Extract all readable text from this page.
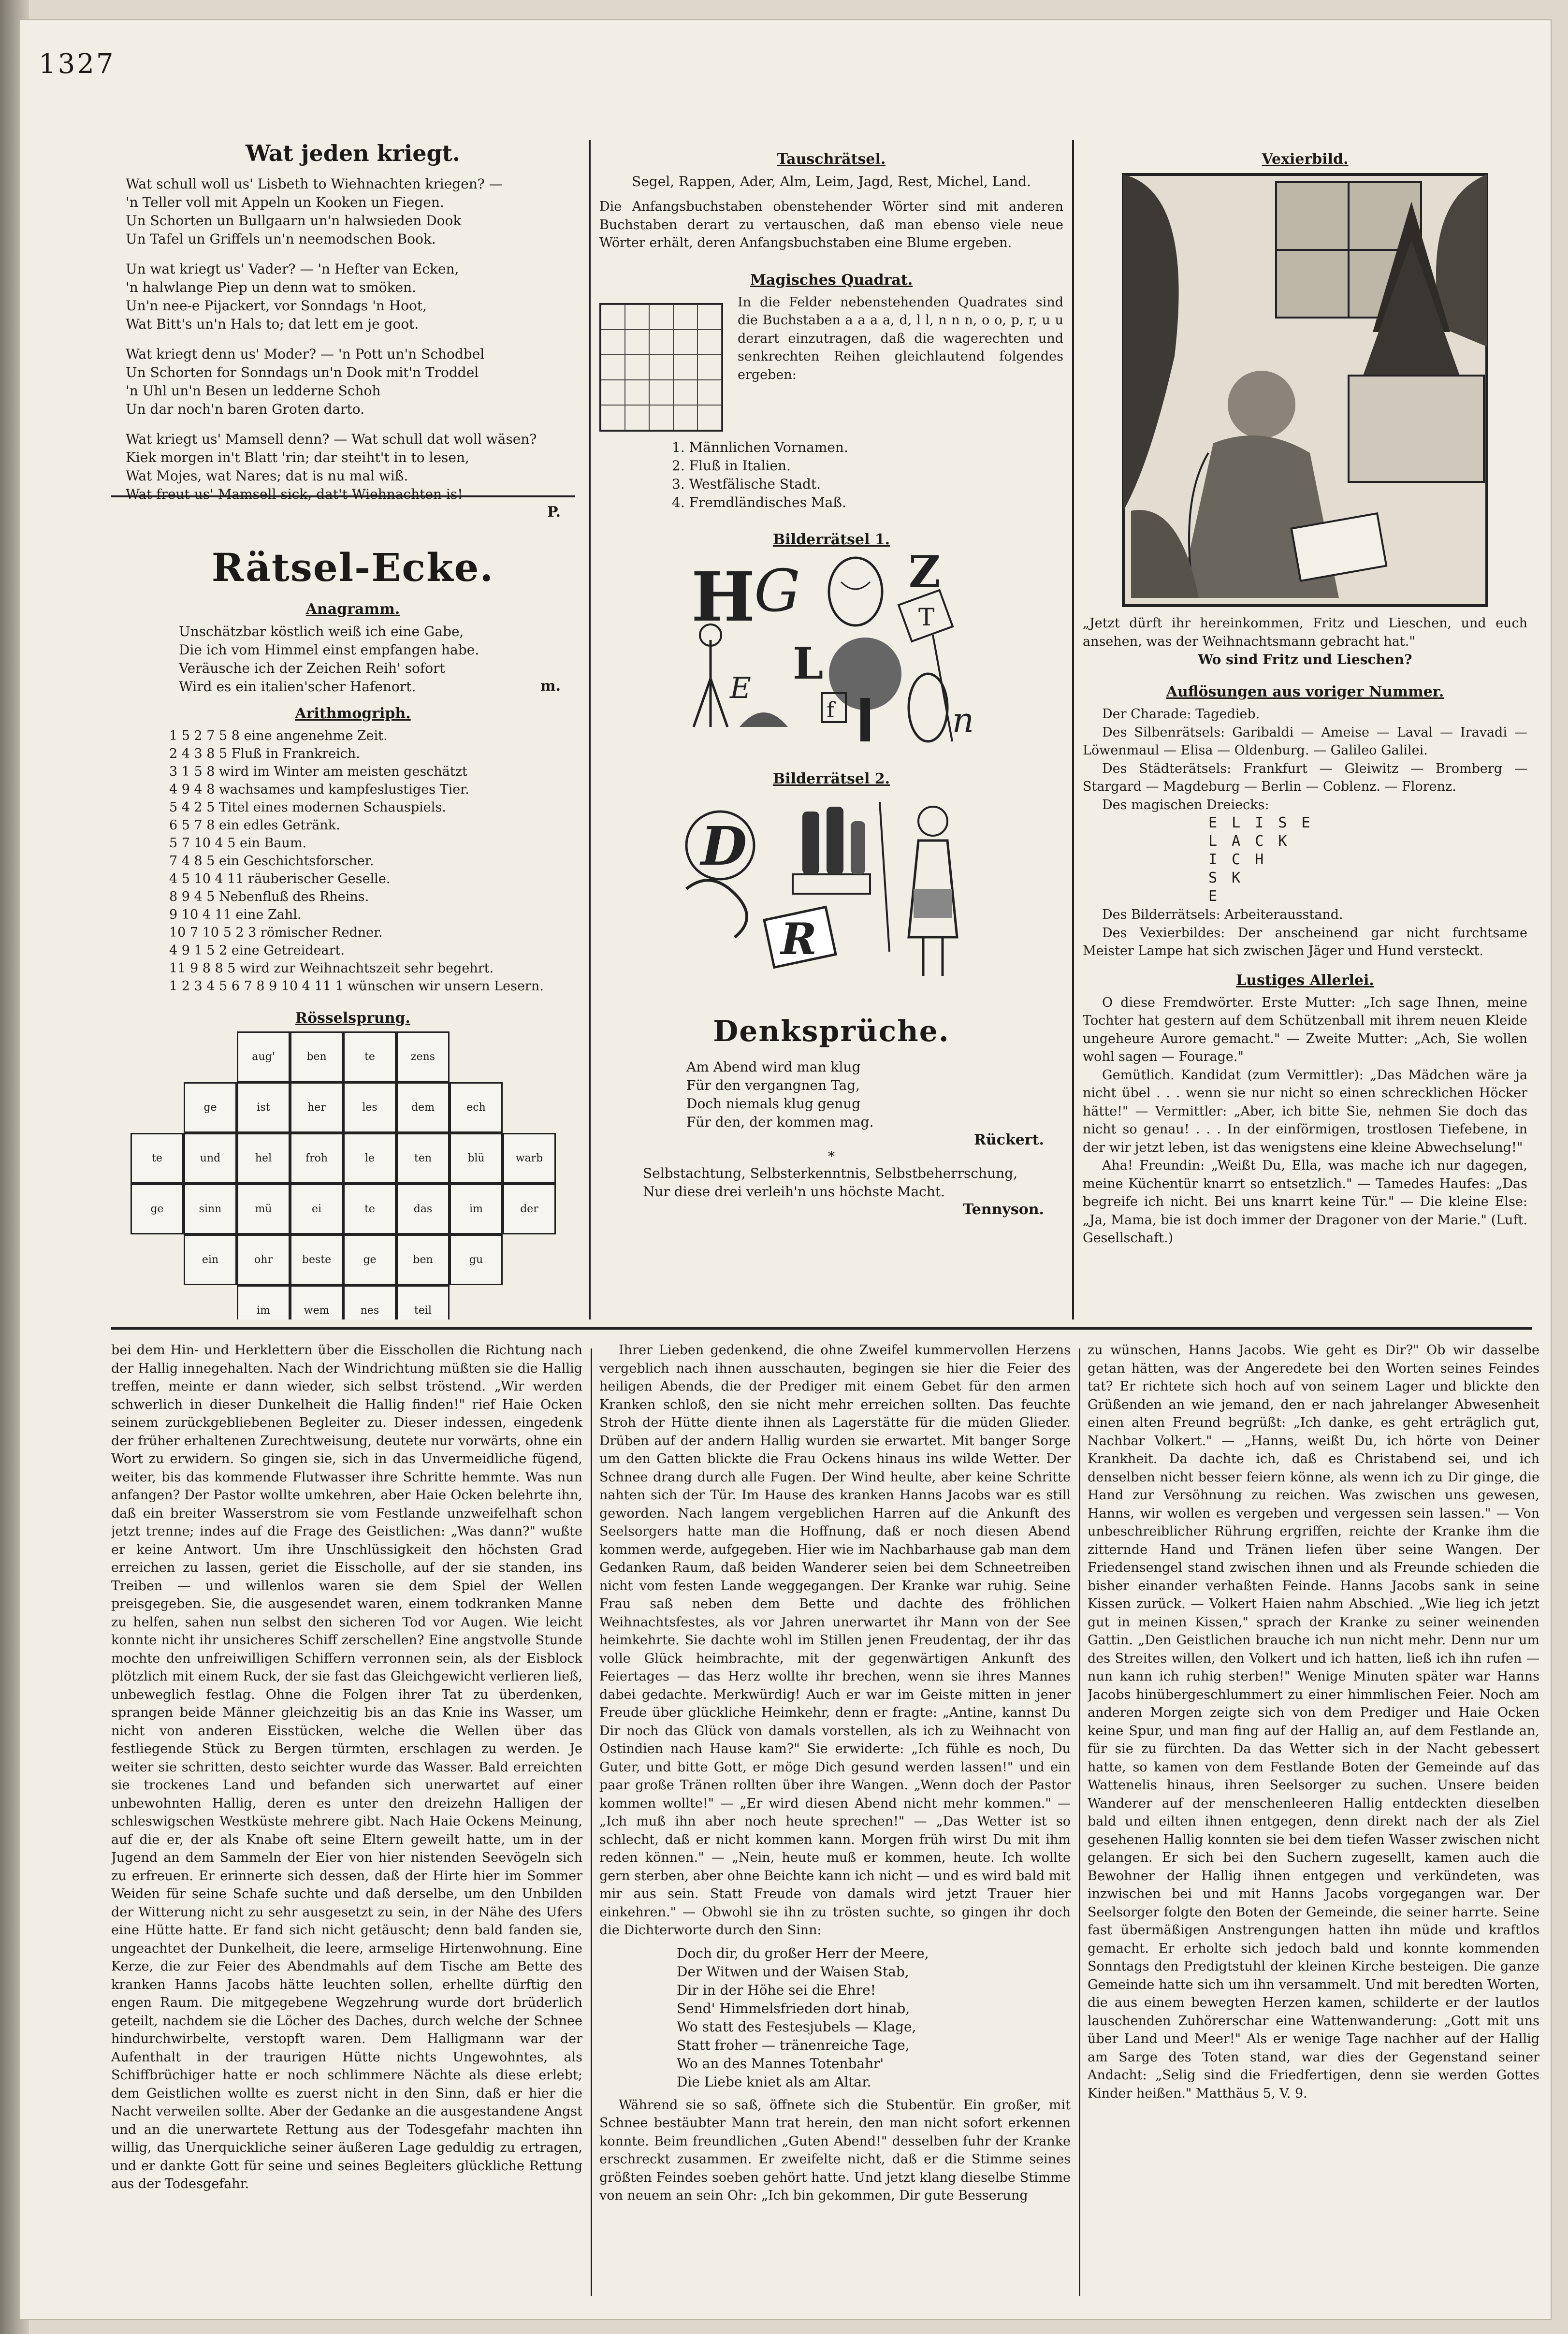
1327
Wat jeden kriegt.
Wat schull woll us' Lisbeth to Wiehnachten kriegen? —
'n Teller voll mit Appeln un Kooken un Fiegen.
Un Schorten un Bullgaarn un'n halwsieden Dook
Un Tafel un Griffels un'n neemodschen Book.
Un wat kriegt us' Vader? — 'n Hefter van Ecken,
'n halwlange Piep un denn wat to smöken.
Un'n nee-e Pijackert, vor Sonndags 'n Hoot,
Wat Bitt's un'n Hals to; dat lett em je goot.
Wat kriegt denn us' Moder? — 'n Pott un'n Schodbel
Un Schorten for Sonndags un'n Dook mit'n Troddel
'n Uhl un'n Besen un ledderne Schoh
Un dar noch'n baren Groten darto.
Wat kriegt us' Mamsell denn? — Wat schull dat woll wäsen?
Kiek morgen in't Blatt 'rin; dar steiht't in to lesen,
Wat Mojes, wat Nares; dat is nu mal wiß.
Wat freut us' Mamsell sick, dat't Wiehnachten is!
P.
Rätsel-Ecke.
Anagramm.
Unschätzbar köstlich weiß ich eine Gabe,
Die ich vom Himmel einst empfangen habe.
Veräusche ich der Zeichen Reih' sofort
Wird es ein italien'scher Hafenort.	m.
Arithmogriph.
1 5 2 7 5 8 eine angenehme Zeit.
2 4 3 8 5 Fluß in Frankreich.
3 1 5 8 wird im Winter am meisten geschätzt
4 9 4 8 wachsames und kampfeslustiges Tier.
5 4 2 5 Titel eines modernen Schauspiels.
6 5 7 8 ein edles Getränk.
5 7 10 4 5 ein Baum.
7 4 8 5 ein Geschichtsforscher.
4 5 10 4 11 räuberischer Geselle.
8 9 4 5 Nebenfluß des Rheins.
9 10 4 11 eine Zahl.
10 7 10 5 2 3 römischer Redner.
4 9 1 5 2 eine Getreideart.
11 9 8 8 5 wird zur Weihnachtszeit sehr begehrt.
1 2 3 4 5 6 7 8 9 10 4 11 1 wünschen wir unsern Lesern.
Rösselsprung.
aug'	ben	te	zens
ge	ist	her	les	dem	ech
te	und	hel	froh	le	ten	blü	warb
ge	sinn	mü	ei	te	das	im	der
ein	ohr	beste	ge	ben	gu
im	wem	nes	teil
Tauschrätsel.
Segel, Rappen, Ader, Alm, Leim, Jagd, Rest, Michel, Land.
Die Anfangsbuchstaben obenstehender Wörter sind mit anderen Buchstaben derart zu vertauschen, daß man ebenso viele neue Wörter erhält, deren Anfangsbuchstaben eine Blume ergeben.
Magisches Quadrat.
In die Felder nebenstehenden Quadrates sind die Buchstaben a a a a, d, l l, n n n, o o, p, r, u u derart einzutragen, daß die wagerechten und senkrechten Reihen gleichlautend folgendes ergeben:
1. Männlichen Vornamen.
2. Fluß in Italien.
3. Westfälische Stadt.
4. Fremdländisches Maß.
Bilderrätsel 1.
H
G Z
T
E L
f	n
Bilderrätsel 2.
D
R
Denksprüche.
Am Abend wird man klug
Für den vergangnen Tag,
Doch niemals klug genug
Für den, der kommen mag.
Rückert.
*
Selbstachtung, Selbsterkenntnis, Selbstbeherrschung,
Nur diese drei verleih'n uns höchste Macht.
Tennyson.
Vexierbild.
„Jetzt dürft ihr hereinkommen, Fritz und Lieschen, und euch ansehen, was der Weihnachtsmann gebracht hat."
Wo sind Fritz und Lieschen?
Auflösungen aus voriger Nummer.
Der Charade: Tagedieb.
Des Silbenrätsels: Garibaldi — Ameise — Laval — Iravadi — Löwenmaul — Elisa — Oldenburg. — Galileo Galilei.
Des Städterätsels: Frankfurt — Gleiwitz — Bromberg — Stargard — Magdeburg — Berlin — Coblenz. — Florenz.
Des magischen Dreiecks:
E L I S E
L A C K
I C H
S K
E
Des Bilderrätsels: Arbeiterausstand.
Des Vexierbildes: Der anscheinend gar nicht furchtsame Meister Lampe hat sich zwischen Jäger und Hund versteckt.
Lustiges Allerlei.
O diese Fremdwörter. Erste Mutter: „Ich sage Ihnen, meine Tochter hat gestern auf dem Schützenball mit ihrem neuen Kleide ungeheure Aurore gemacht." — Zweite Mutter: „Ach, Sie wollen wohl sagen — Fourage."
Gemütlich. Kandidat (zum Vermittler): „Das Mädchen wäre ja nicht übel . . . wenn sie nur nicht so einen schrecklichen Höcker hätte!" — Vermittler: „Aber, ich bitte Sie, nehmen Sie doch das nicht so genau! . . . In der einförmigen, trostlosen Tiefebene, in der wir jetzt leben, ist das wenigstens eine kleine Abwechselung!"
Aha! Freundin: „Weißt Du, Ella, was mache ich nur dagegen, meine Küchentür knarrt so entsetzlich." — Tamedes Haufes: „Das begreife ich nicht. Bei uns knarrt keine Tür." — Die kleine Else: „Ja, Mama, bie ist doch immer der Dragoner von der Marie." (Luft. Gesellschaft.)
bei dem Hin- und Herklettern über die Eisschollen die Richtung nach der Hallig innegehalten. Nach der Windrichtung müßten sie die Hallig treffen, meinte er dann wieder, sich selbst tröstend. „Wir werden schwerlich in dieser Dunkelheit die Hallig finden!" rief Haie Ocken seinem zurückgebliebenen Begleiter zu. Dieser indessen, eingedenk der früher erhaltenen Zurechtweisung, deutete nur vorwärts, ohne ein Wort zu erwidern. So gingen sie, sich in das Unvermeidliche fügend, weiter, bis das kommende Flutwasser ihre Schritte hemmte. Was nun anfangen? Der Pastor wollte umkehren, aber Haie Ocken belehrte ihn, daß ein breiter Wasserstrom sie vom Festlande unzweifelhaft schon jetzt trenne; indes auf die Frage des Geistlichen: „Was dann?" wußte er keine Antwort. Um ihre Unschlüssigkeit den höchsten Grad erreichen zu lassen, geriet die Eisscholle, auf der sie standen, ins Treiben — und willenlos waren sie dem Spiel der Wellen preisgegeben. Sie, die ausgesendet waren, einem todkranken Manne zu helfen, sahen nun selbst den sicheren Tod vor Augen. Wie leicht konnte nicht ihr unsicheres Schiff zerschellen? Eine angstvolle Stunde mochte den unfreiwilligen Schiffern verronnen sein, als der Eisblock plötzlich mit einem Ruck, der sie fast das Gleichgewicht verlieren ließ, unbeweglich festlag. Ohne die Folgen ihrer Tat zu überdenken, sprangen beide Männer gleichzeitig bis an das Knie ins Wasser, um nicht von anderen Eisstücken, welche die Wellen über das festliegende Stück zu Bergen türmten, erschlagen zu werden. Je weiter sie schritten, desto seichter wurde das Wasser. Bald erreichten sie trockenes Land und befanden sich unerwartet auf einer unbewohnten Hallig, deren es unter den dreizehn Halligen der schleswigschen Westküste mehrere gibt. Nach Haie Ockens Meinung, auf die er, der als Knabe oft seine Eltern geweilt hatte, um in der Jugend an dem Sammeln der Eier von hier nistenden Seevögeln sich zu erfreuen. Er erinnerte sich dessen, daß der Hirte hier im Sommer Weiden für seine Schafe suchte und daß derselbe, um den Unbilden der Witterung nicht zu sehr ausgesetzt zu sein, in der Nähe des Ufers eine Hütte hatte. Er fand sich nicht getäuscht; denn bald fanden sie, ungeachtet der Dunkelheit, die leere, armselige Hirtenwohnung. Eine Kerze, die zur Feier des Abendmahls auf dem Tische am Bette des kranken Hanns Jacobs hätte leuchten sollen, erhellte dürftig den engen Raum. Die mitgegebene Wegzehrung wurde dort brüderlich geteilt, nachdem sie die Löcher des Daches, durch welche der Schnee hindurchwirbelte, verstopft waren. Dem Halligmann war der Aufenthalt in der traurigen Hütte nichts Ungewohntes, als Schiffbrüchiger hatte er noch schlimmere Nächte als diese erlebt; dem Geistlichen wollte es zuerst nicht in den Sinn, daß er hier die Nacht verweilen sollte. Aber der Gedanke an die ausgestandene Angst und an die unerwartete Rettung aus der Todesgefahr machten ihn willig, das Unerquickliche seiner äußeren Lage geduldig zu ertragen, und er dankte Gott für seine und seines Begleiters glückliche Rettung aus der Todesgefahr.
Ihrer Lieben gedenkend, die ohne Zweifel kummervollen Herzens vergeblich nach ihnen ausschauten, begingen sie hier die Feier des heiligen Abends, die der Prediger mit einem Gebet für den armen Kranken schloß, den sie nicht mehr erreichen sollten. Das feuchte Stroh der Hütte diente ihnen als Lagerstätte für die müden Glieder. Drüben auf der andern Hallig wurden sie erwartet. Mit banger Sorge um den Gatten blickte die Frau Ockens hinaus ins wilde Wetter. Der Schnee drang durch alle Fugen. Der Wind heulte, aber keine Schritte nahten sich der Tür. Im Hause des kranken Hanns Jacobs war es still geworden. Nach langem vergeblichen Harren auf die Ankunft des Seelsorgers hatte man die Hoffnung, daß er noch diesen Abend kommen werde, aufgegeben. Hier wie im Nachbarhause gab man dem Gedanken Raum, daß beiden Wanderer seien bei dem Schneetreiben nicht vom festen Lande weggegangen. Der Kranke war ruhig. Seine Frau saß neben dem Bette und dachte des fröhlichen Weihnachtsfestes, als vor Jahren unerwartet ihr Mann von der See heimkehrte. Sie dachte wohl im Stillen jenen Freudentag, der ihr das volle Glück heimbrachte, mit der gegenwärtigen Ankunft des Feiertages — das Herz wollte ihr brechen, wenn sie ihres Mannes dabei gedachte. Merkwürdig! Auch er war im Geiste mitten in jener Freude über glückliche Heimkehr, denn er fragte: „Antine, kannst Du Dir noch das Glück von damals vorstellen, als ich zu Weihnacht von Ostindien nach Hause kam?" Sie erwiderte: „Ich fühle es noch, Du Guter, und bitte Gott, er möge Dich gesund werden lassen!" und ein paar große Tränen rollten über ihre Wangen. „Wenn doch der Pastor kommen wollte!" — „Er wird diesen Abend nicht mehr kommen." — „Ich muß ihn aber noch heute sprechen!" — „Das Wetter ist so schlecht, daß er nicht kommen kann. Morgen früh wirst Du mit ihm reden können." — „Nein, heute muß er kommen, heute. Ich wollte gern sterben, aber ohne Beichte kann ich nicht — und es wird bald mit mir aus sein. Statt Freude von damals wird jetzt Trauer hier einkehren." — Obwohl sie ihn zu trösten suchte, so gingen ihr doch die Dichterworte durch den Sinn:
Doch dir, du großer Herr der Meere,
Der Witwen und der Waisen Stab,
Dir in der Höhe sei die Ehre!
Send' Himmelsfrieden dort hinab,
Wo statt des Festesjubels — Klage,
Statt froher — tränenreiche Tage,
Wo an des Mannes Totenbahr'
Die Liebe kniet als am Altar.
Während sie so saß, öffnete sich die Stubentür. Ein großer, mit Schnee bestäubter Mann trat herein, den man nicht sofort erkennen konnte. Beim freundlichen „Guten Abend!" desselben fuhr der Kranke erschreckt zusammen. Er zweifelte nicht, daß er die Stimme seines größten Feindes soeben gehört hatte. Und jetzt klang dieselbe Stimme von neuem an sein Ohr: „Ich bin gekommen, Dir gute Besserung
zu wünschen, Hanns Jacobs. Wie geht es Dir?" Ob wir dasselbe getan hätten, was der Angeredete bei den Worten seines Feindes tat? Er richtete sich hoch auf von seinem Lager und blickte den Grüßenden an wie jemand, den er nach jahrelanger Abwesenheit einen alten Freund begrüßt: „Ich danke, es geht erträglich gut, Nachbar Volkert." — „Hanns, weißt Du, ich hörte von Deiner Krankheit. Da dachte ich, daß es Christabend sei, und ich denselben nicht besser feiern könne, als wenn ich zu Dir ginge, die Hand zur Versöhnung zu reichen. Was zwischen uns gewesen, Hanns, wir wollen es vergeben und vergessen sein lassen." — Von unbeschreiblicher Rührung ergriffen, reichte der Kranke ihm die zitternde Hand und Tränen liefen über seine Wangen. Der Friedensengel stand zwischen ihnen und als Freunde schieden die bisher einander verhaßten Feinde. Hanns Jacobs sank in seine Kissen zurück. — Volkert Haien nahm Abschied. „Wie lieg ich jetzt gut in meinen Kissen," sprach der Kranke zu seiner weinenden Gattin. „Den Geistlichen brauche ich nun nicht mehr. Denn nur um des Streites willen, den Volkert und ich hatten, ließ ich ihn rufen — nun kann ich ruhig sterben!" Wenige Minuten später war Hanns Jacobs hinübergeschlummert zu einer himmlischen Feier. Noch am anderen Morgen zeigte sich von dem Prediger und Haie Ocken keine Spur, und man fing auf der Hallig an, auf dem Festlande an, für sie zu fürchten. Da das Wetter sich in der Nacht gebessert hatte, so kamen von dem Festlande Boten der Gemeinde auf das Wattenelis hinaus, ihren Seelsorger zu suchen. Unsere beiden Wanderer auf der menschenleeren Hallig entdeckten dieselben bald und eilten ihnen entgegen, denn direkt nach der als Ziel gesehenen Hallig konnten sie bei dem tiefen Wasser zwischen nicht gelangen. Er sich bei den Suchern zugesellt, kamen auch die Bewohner der Hallig ihnen entgegen und verkündeten, was inzwischen bei und mit Hanns Jacobs vorgegangen war. Der Seelsorger folgte den Boten der Gemeinde, die seiner harrte. Seine fast übermäßigen Anstrengungen hatten ihn müde und kraftlos gemacht. Er erholte sich jedoch bald und konnte kommenden Sonntags den Predigtstuhl der kleinen Kirche besteigen. Die ganze Gemeinde hatte sich um ihn versammelt. Und mit beredten Worten, die aus einem bewegten Herzen kamen, schilderte er der lautlos lauschenden Zuhörerschar eine Wattenwanderung: „Gott mit uns über Land und Meer!" Als er wenige Tage nachher auf der Hallig am Sarge des Toten stand, war dies der Gegenstand seiner Andacht: „Selig sind die Friedfertigen, denn sie werden Gottes Kinder heißen." Matthäus 5, V. 9.
